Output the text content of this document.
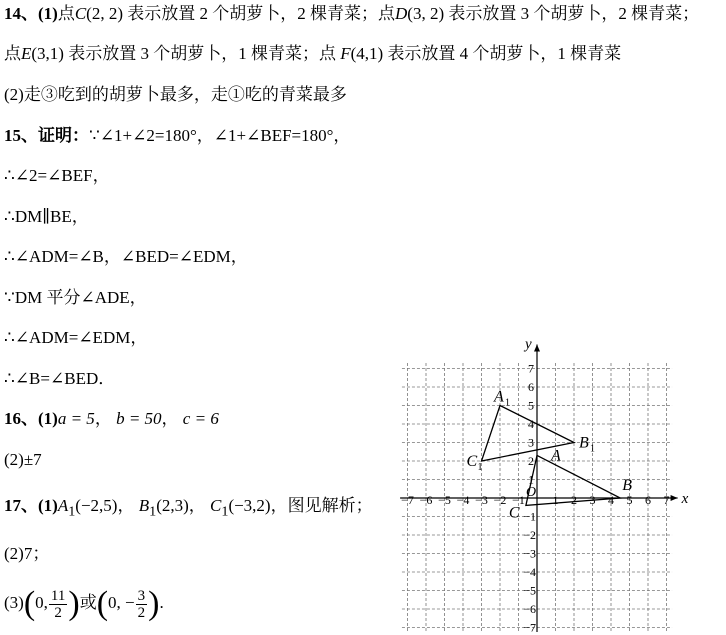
14、(1)点C(2, 2) 表示放置 2 个胡萝卜，2 棵青菜；点D(3, 2) 表示放置 3 个胡萝卜，2 棵青菜；
点E(3,1) 表示放置 3 个胡萝卜，1 棵青菜；点 F(4,1) 表示放置 4 个胡萝卜，1 棵青菜
(2)走③吃到的胡萝卜最多，走①吃的青菜最多
15、证明：∵∠1+∠2=180°，∠1+∠BEF=180°，
∴∠2=∠BEF，
∴DM∥BE，
∴∠ADM=∠B，∠BED=∠EDM，
∵DM 平分∠ADE，
∴∠ADM=∠EDM，
∴∠B=∠BED．
16、(1)a = 5， b = 50， c = 6
(2)±7
17、$(1)A_1(-2,5)$， $B_1(2,3)$， $C_1(-3,2)$，图见解析；
(2)7；
(3)(0, $\frac{11}{2}$ )或(0, − $\frac{3}{2}$ ).
x
y
O
−7 −6 −5 −4 −3 −2 −1 1 2 3 4 5 6 7
1
2
3
4
5
6
7
−1
−2
−3
−4
−5
−6
−7
A 1
B 1
C 1
A
B
C
